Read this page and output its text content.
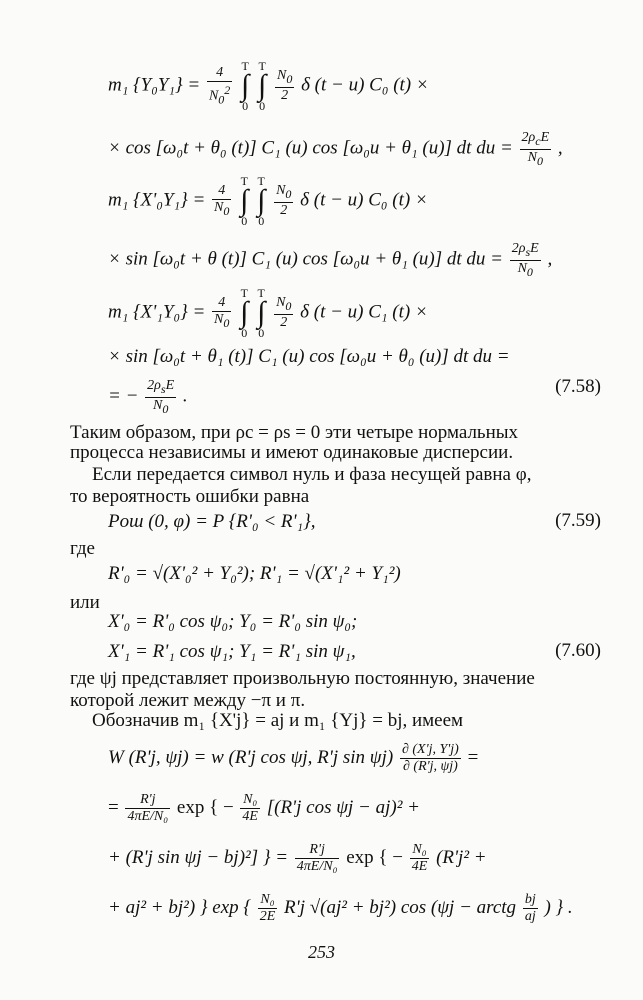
m₁ $\{Y_0Y_1\} = \frac{4}{N_0^2}$
T
∫
0

T
∫
0

$\frac{N_0}{2}$ δ (t − u) C₀ (t) ×
× cos [ω₀t + θ₀ (t)] C₁ (u) cos [ω₀u + θ₁ (u)] dt du = $\frac{2\rho_cE}{N_0}$ ,
m₁ $\{X'_0Y_1\} = \frac{4}{N_0}$

T
∫
0

T
∫
0

$\frac{N_0}{2}$ δ (t − u) C₀ (t) ×
× sin [ω₀t + θ (t)] C₁ (u) cos [ω₀u + θ₁ (u)] dt du = $\frac{2\rho_sE}{N_0}$ ,
m₁ $\{X'_1Y_0\} = \frac{4}{N_0}$

T
∫
0

T
∫
0

$\frac{N_0}{2}$ δ (t − u) C₁ (t) ×
× sin [ω₀t + θ₁ (t)] C₁ (u) cos [ω₀u + θ₀ (u)] dt du =
= − $\frac{2\rho_sE}{N_0}$ .	(7.58)
Таким образом, при ρc = ρs = 0 эти четыре нормальных
процесса независимы и имеют одинаковые дисперсии.
Если передается символ нуль и фаза несущей равна φ,
то вероятность ошибки равна
Pош (0, φ) = P {R'₀ < R'₁},	(7.59)
где
R'₀ = √(X'₀² + Y₀²); R'₁ = √(X'₁² + Y₁²)
или
X'₀ = R'₀ cos ψ₀; Y₀ = R'₀ sin ψ₀;
X'₁ = R'₁ cos ψ₁; Y₁ = R'₁ sin ψ₁,	(7.60)
где ψj представляет произвольную постоянную, значение
которой лежит между −π и π.
Обозначив m₁ {X'j} = aj и m₁ {Yj} = bj, имеем
W (R'j, ψj) = w (R'j cos ψj, R'j $\sin \psi j) \frac{\partial (X'j, Y'j)}{\partial (R'j, \psi j)}$ =
= $\frac{R'j}{\text{4πE/N₀}}$ exp { − $\frac{\text{N₀}}{4E} [(R'j$ cos ψj − aj)² +
+ (R'j sin ψj − bj)²] } = $\frac{R'j}{\text{4πE/N₀}}$ exp { − $\frac{\text{N₀}}{4E} (R'j^2$ +
+ aj² + bj²) } exp { $\frac{\text{N₀}}{2E} R'j$ √(aj² + bj²) cos (ψj − arctg $\frac{bj}{aj}$ ) } .
253
